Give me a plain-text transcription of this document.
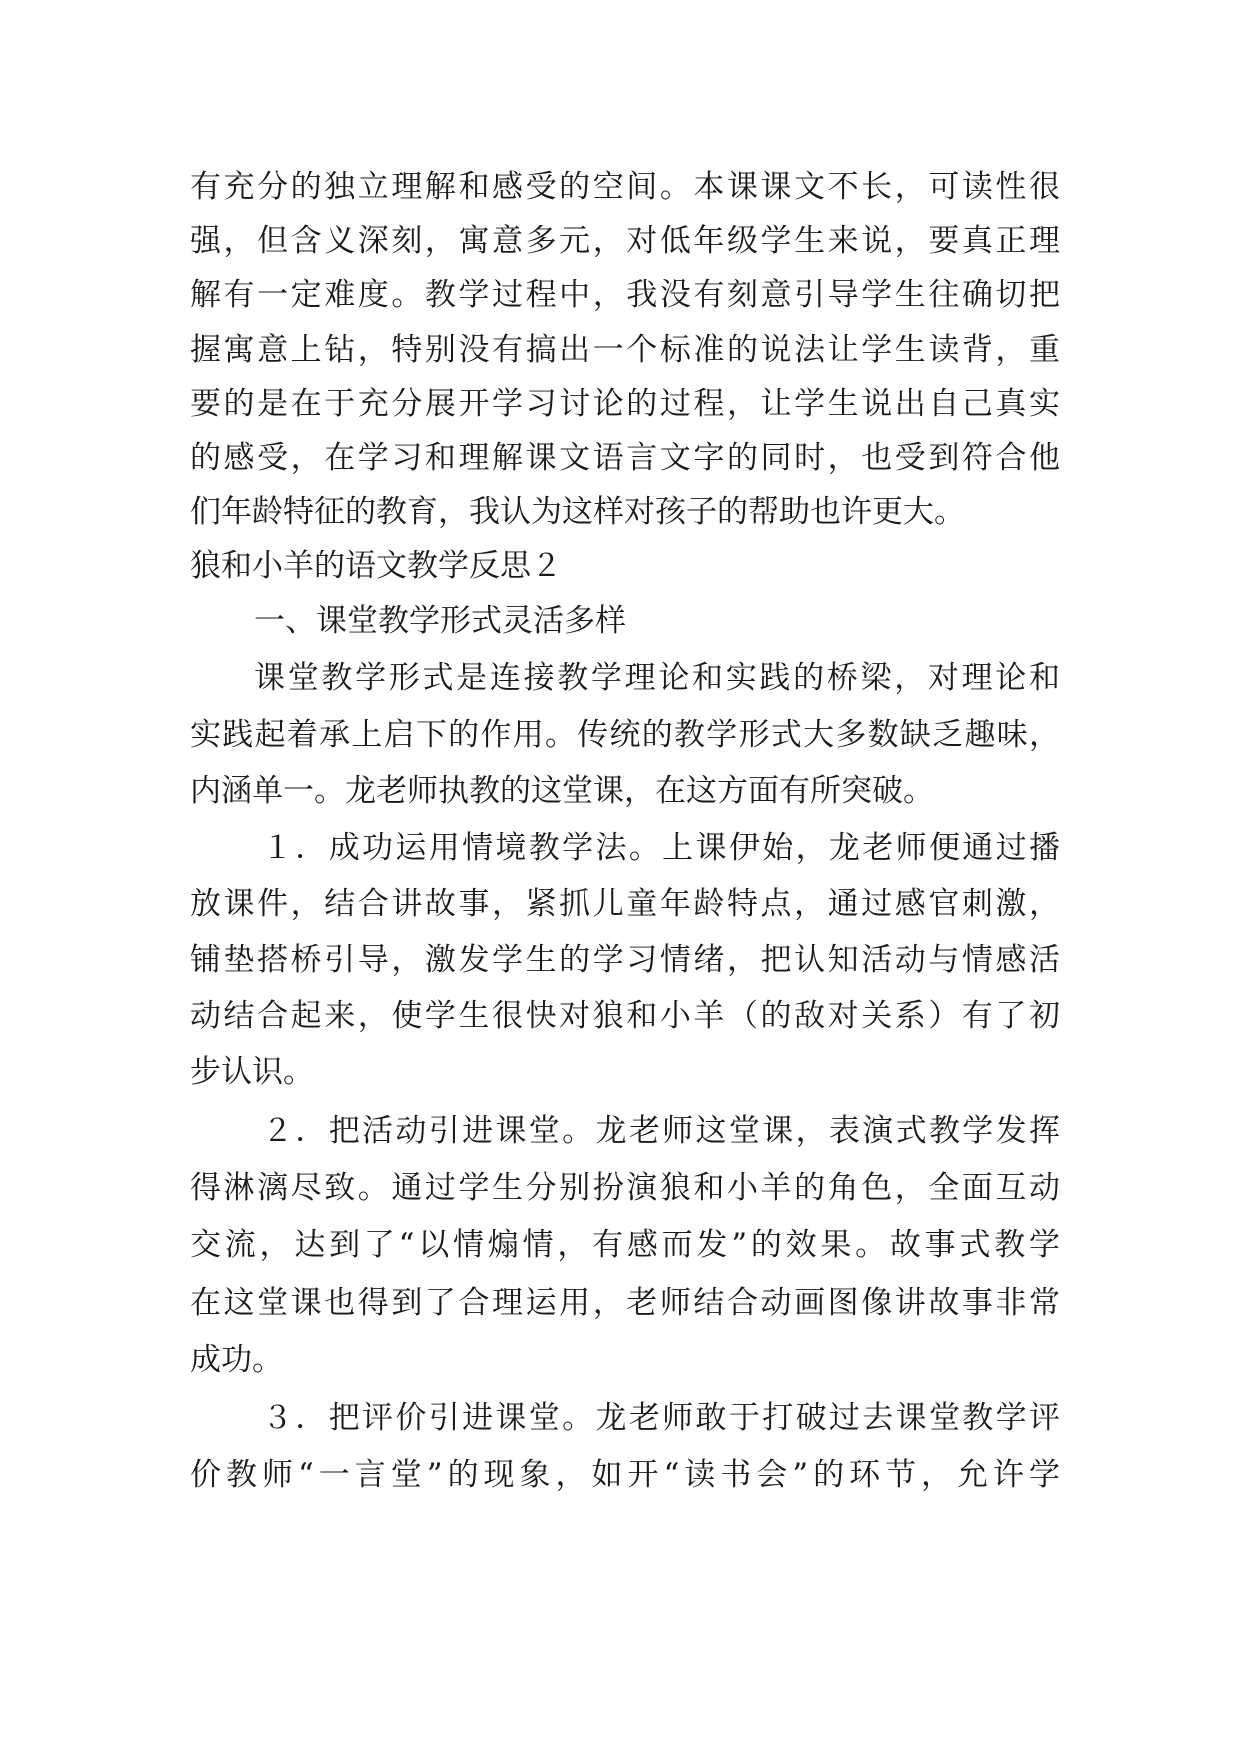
有充分的独立理解和感受的空间。本课课文不长，可读性很
强，但含义深刻，寓意多元，对低年级学生来说，要真正理
解有一定难度。教学过程中，我没有刻意引导学生往确切把
握寓意上钻，特别没有搞出一个标准的说法让学生读背，重
要的是在于充分展开学习讨论的过程，让学生说出自己真实
的感受，在学习和理解课文语言文字的同时，也受到符合他
们年龄特征的教育，我认为这样对孩子的帮助也许更大。
狼和小羊的语文教学反思２
一、课堂教学形式灵活多样
课堂教学形式是连接教学理论和实践的桥梁，对理论和
实践起着承上启下的作用。传统的教学形式大多数缺乏趣味，
内涵单一。龙老师执教的这堂课，在这方面有所突破。
１．成功运用情境教学法。上课伊始，龙老师便通过播
放课件，结合讲故事，紧抓儿童年龄特点，通过感官刺激，
铺垫搭桥引导，激发学生的学习情绪，把认知活动与情感活
动结合起来，使学生很快对狼和小羊（的敌对关系）有了初
步认识。
２．把活动引进课堂。龙老师这堂课，表演式教学发挥
得淋漓尽致。通过学生分别扮演狼和小羊的角色，全面互动
交流，达到了“以情煽情，有感而发”的效果。故事式教学
在这堂课也得到了合理运用，老师结合动画图像讲故事非常
成功。
３．把评价引进课堂。龙老师敢于打破过去课堂教学评
价教师“一言堂”的现象，如开“读书会”的环节，允许学
